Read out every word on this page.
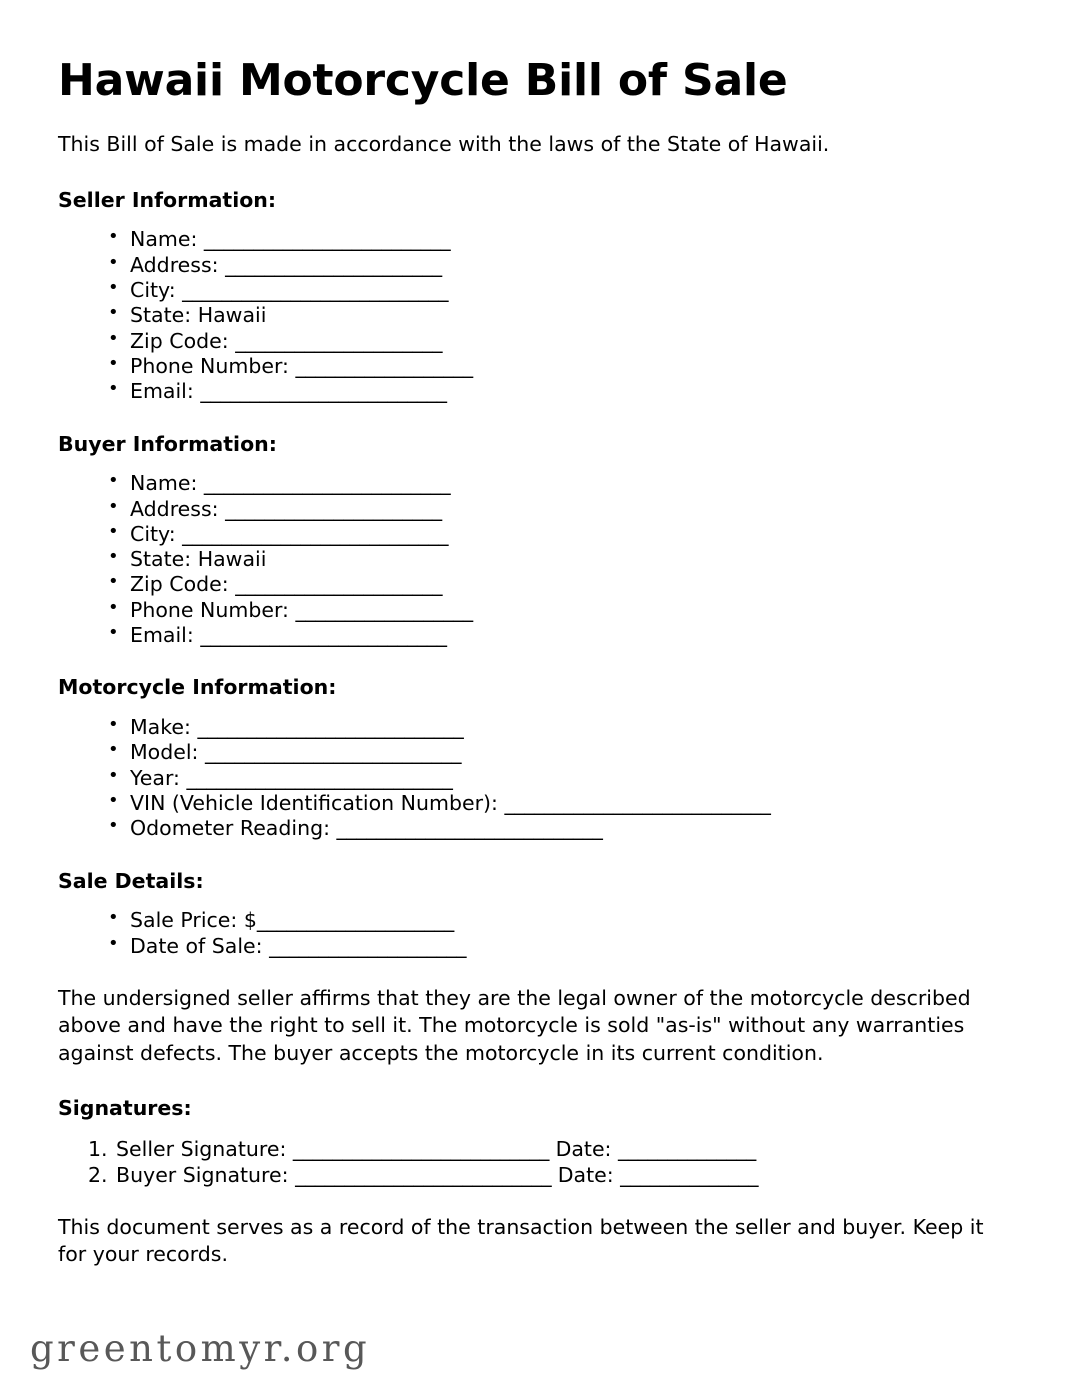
Hawaii Motorcycle Bill of Sale

This Bill of Sale is made in accordance with the laws of the State of Hawaii.

Seller Information:
• Name: _________________________
• Address: ______________________
• City: ___________________________
• State: Hawaii
• Zip Code: _____________________
• Phone Number: __________________
• Email: _________________________
Buyer Information:
• Name: _________________________
• Address: ______________________
• City: ___________________________
• State: Hawaii
• Zip Code: _____________________
• Phone Number: __________________
• Email: _________________________
Motorcycle Information:
• Make: ___________________________
• Model: __________________________
• Year: ___________________________
• VIN (Vehicle Identification Number): ___________________________
• Odometer Reading: ___________________________
Sale Details:
• Sale Price: $____________________
• Date of Sale: ____________________

The undersigned seller affirms that they are the legal owner of the motorcycle described above and have the right to sell it. The motorcycle is sold "as-is" without any warranties against defects. The buyer accepts the motorcycle in its current condition.

Signatures:
Seller Signature: __________________________ Date: ______________
Buyer Signature: __________________________ Date: ______________

This document serves as a record of the transaction between the seller and buyer. Keep it for your records.

greentomyr.org
